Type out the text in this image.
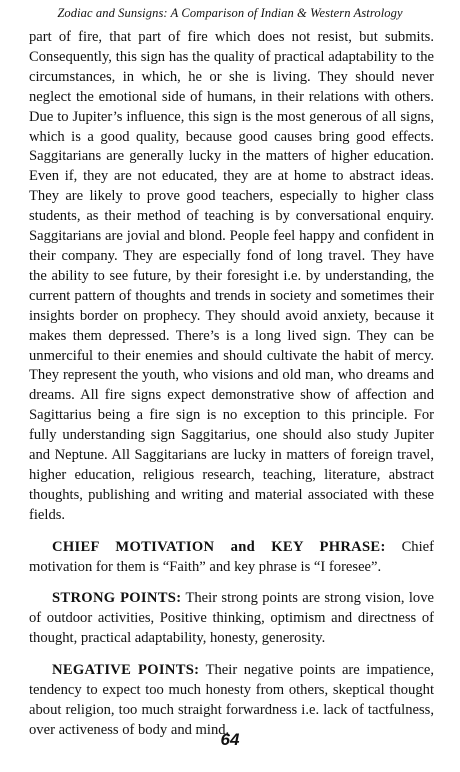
Zodiac and Sunsigns: A Comparison of Indian & Western Astrology

part of fire, that part of fire which does not resist, but submits. Consequently, this sign has the quality of practical adaptability to the circumstances, in which, he or she is living. They should never neglect the emotional side of humans, in their relations with others. Due to Jupiter’s influence, this sign is the most generous of all signs, which is a good quality, because good causes bring good effects. Saggitarians are generally lucky in the matters of higher education. Even if, they are not educated, they are at home to abstract ideas. They are likely to prove good teachers, especially to higher class students, as their method of teaching is by conversational enquiry. Saggitarians are jovial and blond. People feel happy and confident in their company. They are especially fond of long travel. They have the ability to see future, by their foresight i.e. by understanding, the current pattern of thoughts and trends in society and sometimes their insights border on prophecy. They should avoid anxiety, because it makes them depressed. There’s is a long lived sign. They can be unmerciful to their enemies and should cultivate the habit of mercy. They represent the youth, who visions and old man, who dreams and dreams. All fire signs expect demonstrative show of affection and Sagittarius being a fire sign is no exception to this principle. For fully understanding sign Saggitarius, one should also study Jupiter and Neptune. All Saggitarians are lucky in matters of foreign travel, higher education, religious research, teaching, literature, abstract thoughts, publishing and writing and material associated with these fields.

CHIEF MOTIVATION and KEY PHRASE: Chief motivation for them is “Faith” and key phrase is “I foresee”.

STRONG POINTS: Their strong points are strong vision, love of outdoor activities, Positive thinking, optimism and directness of thought, practical adaptability, honesty, generosity.

NEGATIVE POINTS: Their negative points are impatience, tendency to expect too much honesty from others, skeptical thought about religion, too much straight forwardness i.e. lack of tactfulness, over activeness of body and mind.

64
